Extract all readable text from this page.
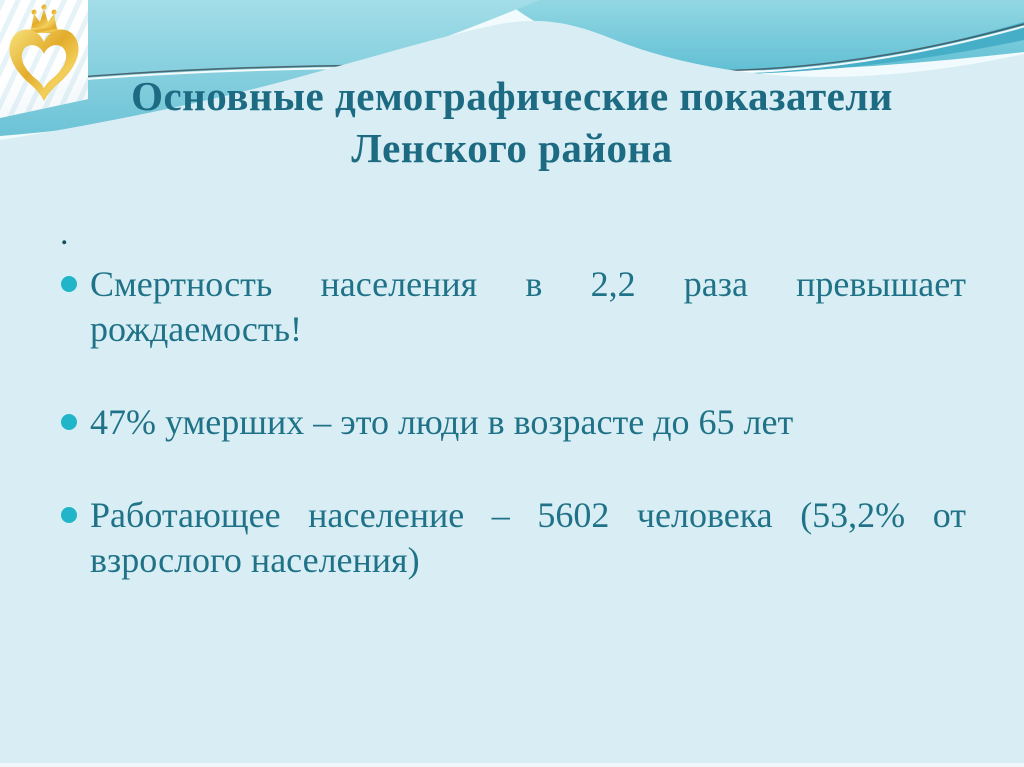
Основные демографические показатели
Ленского района
.
Смертность населения в 2,2 раза превышает рождаемость!
47% умерших – это люди в возрасте до 65 лет
Работающее население – 5602 человека (53,2% от взрослого населения)
